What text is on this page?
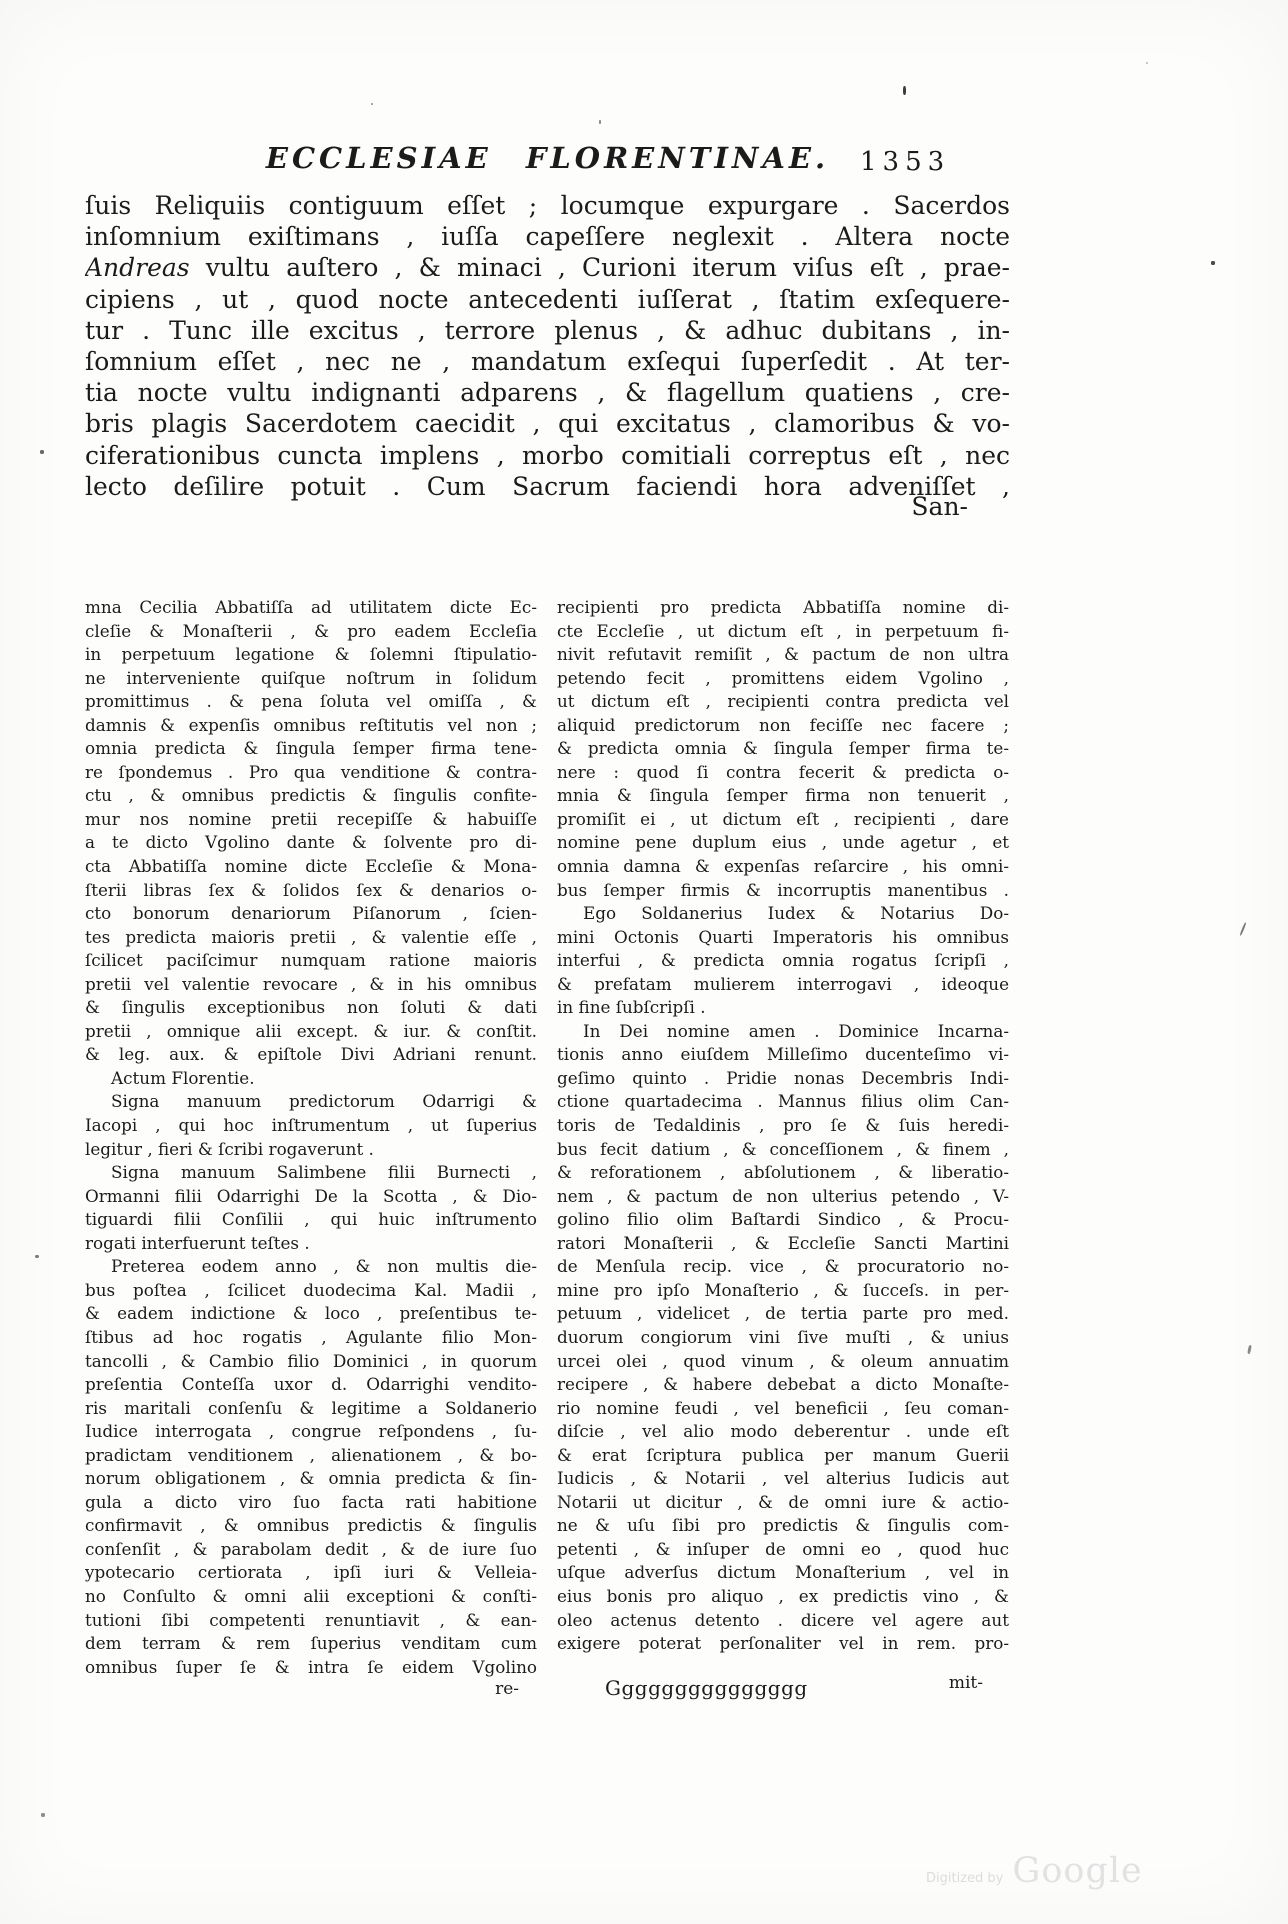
ECCLESIAE FLORENTINAE.	1353
ſuis Reliquiis contiguum eſſet ; locumque expurgare . Sacerdos
inſomnium exiſtimans , iuſſa capeſſere neglexit . Altera nocte
Andreas vultu auſtero , & minaci , Curioni iterum viſus eſt , prae-
cipiens , ut , quod nocte antecedenti iuſſerat , ſtatim exſequere-
tur . Tunc ille excitus , terrore plenus , & adhuc dubitans , in-
ſomnium eſſet , nec ne , mandatum exſequi ſuperſedit . At ter-
tia nocte vultu indignanti adparens , & flagellum quatiens , cre-
bris plagis Sacerdotem caecidit , qui excitatus , clamoribus & vo-
ciferationibus cuncta implens , morbo comitiali correptus eſt , nec
lecto deſilire potuit . Cum Sacrum faciendi hora adveniſſet ,
San-
mna Cecilia Abbatiſſa ad utilitatem dicte Ec-
cleſie & Monaſterii , & pro eadem Eccleſia
in perpetuum legatione & ſolemni ſtipulatio-
ne interveniente quiſque noſtrum in ſolidum
promittimus . & pena ſoluta vel omiſſa , &
damnis & expenſis omnibus reſtitutis vel non ;
omnia predicta & ſingula ſemper firma tene-
re ſpondemus . Pro qua venditione & contra-
ctu , & omnibus predictis & ſingulis confite-
mur nos nomine pretii recepiſſe & habuiſſe
a te dicto Vgolino dante & ſolvente pro di-
cta Abbatiſſa nomine dicte Eccleſie & Mona-
ſterii libras ſex & ſolidos ſex & denarios o-
cto bonorum denariorum Piſanorum , ſcien-
tes predicta maioris pretii , & valentie eſſe ,
ſcilicet paciſcimur numquam ratione maioris
pretii vel valentie revocare , & in his omnibus
& ſingulis exceptionibus non ſoluti & dati
pretii , omnique alii except. & iur. & conſtit.
& leg. aux. & epiſtole Divi Adriani renunt.
Actum Florentie.
Signa manuum predictorum Odarrigi &
Iacopi , qui hoc inſtrumentum , ut ſuperius
legitur , fieri & ſcribi rogaverunt .
Signa manuum Salimbene filii Burnecti ,
Ormanni filii Odarrighi De la Scotta , & Dio-
tiguardi filii Conſilii , qui huic inſtrumento
rogati interfuerunt teſtes .
Preterea eodem anno , & non multis die-
bus poſtea , ſcilicet duodecima Kal. Madii ,
& eadem indictione & loco , preſentibus te-
ſtibus ad hoc rogatis , Agulante filio Mon-
tancolli , & Cambio filio Dominici , in quorum
preſentia Conteſſa uxor d. Odarrighi vendito-
ris maritali conſenſu & legitime a Soldanerio
Iudice interrogata , congrue reſpondens , ſu-
pradictam venditionem , alienationem , & bo-
norum obligationem , & omnia predicta & ſin-
gula a dicto viro ſuo facta rati habitione
confirmavit , & omnibus predictis & ſingulis
conſenſit , & parabolam dedit , & de iure ſuo
ypotecario certiorata , ipſi iuri & Velleia-
no Conſulto & omni alii exceptioni & conſti-
tutioni ſibi competenti renuntiavit , & ean-
dem terram & rem ſuperius venditam cum
omnibus ſuper ſe & intra ſe eidem Vgolino
recipienti pro predicta Abbatiſſa nomine di-
cte Eccleſie , ut dictum eſt , in perpetuum fi-
nivit refutavit remiſit , & pactum de non ultra
petendo fecit , promittens eidem Vgolino ,
ut dictum eſt , recipienti contra predicta vel
aliquid predictorum non feciſſe nec facere ;
& predicta omnia & ſingula ſemper firma te-
nere : quod ſi contra fecerit & predicta o-
mnia & ſingula ſemper firma non tenuerit ,
promiſit ei , ut dictum eſt , recipienti , dare
nomine pene duplum eius , unde agetur , et
omnia damna & expenſas reſarcire , his omni-
bus ſemper firmis & incorruptis manentibus .
Ego Soldanerius Iudex & Notarius Do-
mini Octonis Quarti Imperatoris his omnibus
interfui , & predicta omnia rogatus ſcripſi ,
& prefatam mulierem interrogavi , ideoque
in fine ſubſcripſi .
In Dei nomine amen . Dominice Incarna-
tionis anno eiuſdem Milleſimo ducenteſimo vi-
geſimo quinto . Pridie nonas Decembris Indi-
ctione quartadecima . Mannus filius olim Can-
toris de Tedaldinis , pro ſe & ſuis heredi-
bus fecit datium , & conceſſionem , & finem ,
& reforationem , abſolutionem , & liberatio-
nem , & pactum de non ulterius petendo , V-
golino filio olim Baſtardi Sindico , & Procu-
ratori Monaſterii , & Eccleſie Sancti Martini
de Menſula recip. vice , & procuratorio no-
mine pro ipſo Monaſterio , & ſucceſs. in per-
petuum , videlicet , de tertia parte pro med.
duorum congiorum vini ſive muſti , & unius
urcei olei , quod vinum , & oleum annuatim
recipere , & habere debebat a dicto Monaſte-
rio nomine feudi , vel beneficii , ſeu coman-
diſcie , vel alio modo deberentur . unde eſt
& erat ſcriptura publica per manum Guerii
Iudicis , & Notarii , vel alterius Iudicis aut
Notarii ut dicitur , & de omni iure & actio-
ne & uſu ſibi pro predictis & ſingulis com-
petenti , & inſuper de omni eo , quod huc
uſque adverſus dictum Monaſterium , vel in
eius bonis pro aliquo , ex predictis vino , &
oleo actenus detento . dicere vel agere aut
exigere poterat perſonaliter vel in rem. pro-
re-	Ggggggggggggggg	mit-
Digitized by Google
